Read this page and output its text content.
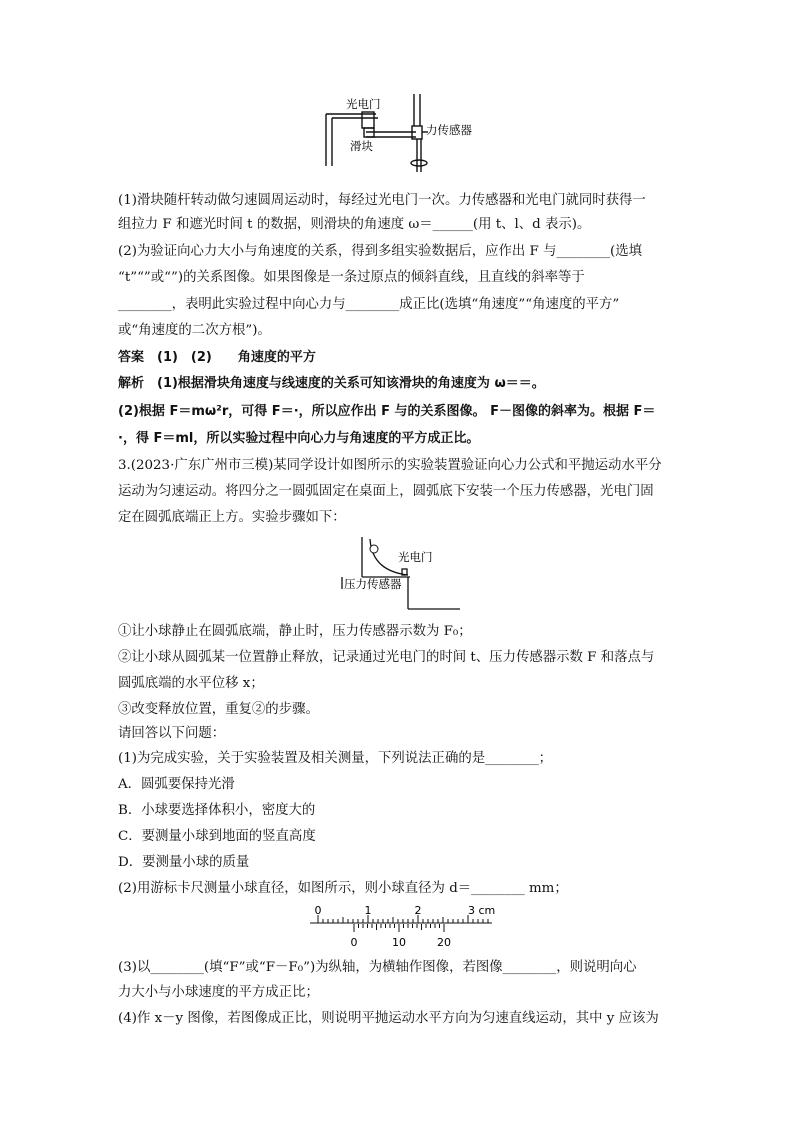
光电门
力传感器
滑块
(1)滑块随杆转动做匀速圆周运动时，每经过光电门一次。力传感器和光电门就同时获得一
组拉力 F 和遮光时间 t 的数据，则滑块的角速度 ω＝______(用 t、l、d 表示)。
(2)为验证向心力大小与角速度的关系，得到多组实验数据后，应作出 F 与________(选填
“t”“”或“”)的关系图像。如果图像是一条过原点的倾斜直线，且直线的斜率等于
________，表明此实验过程中向心力与________成正比(选填“角速度”“角速度的平方”
或“角速度的二次方根”)。
答案　(1)　(2)　　角速度的平方
解析　(1)根据滑块角速度与线速度的关系可知该滑块的角速度为 ω＝＝。
(2)根据 F＝mω²r，可得 F＝·，所以应作出 F 与的关系图像。 F－图像的斜率为。根据 F＝
·，得 F＝ml，所以实验过程中向心力与角速度的平方成正比。
3.(2023·广东广州市三模)某同学设计如图所示的实验装置验证向心力公式和平抛运动水平分
运动为匀速运动。将四分之一圆弧固定在桌面上，圆弧底下安装一个压力传感器，光电门固
定在圆弧底端正上方。实验步骤如下：
光电门
压力传感器
①让小球静止在圆弧底端，静止时，压力传感器示数为 F₀；
②让小球从圆弧某一位置静止释放，记录通过光电门的时间 t、压力传感器示数 F 和落点与
圆弧底端的水平位移 x；
③改变释放位置，重复②的步骤。
请回答以下问题：
(1)为完成实验，关于实验装置及相关测量，下列说法正确的是________；
A．圆弧要保持光滑
B．小球要选择体积小，密度大的
C．要测量小球到地面的竖直高度
D．要测量小球的质量
(2)用游标卡尺测量小球直径，如图所示，则小球直径为 d＝________ mm；
0	1	2	3 cm
0	10	20
(3)以________(填“F”或“F－F₀”)为纵轴，为横轴作图像，若图像________，则说明向心
力大小与小球速度的平方成正比；
(4)作 x－y 图像，若图像成正比，则说明平抛运动水平方向为匀速直线运动，其中 y 应该为
